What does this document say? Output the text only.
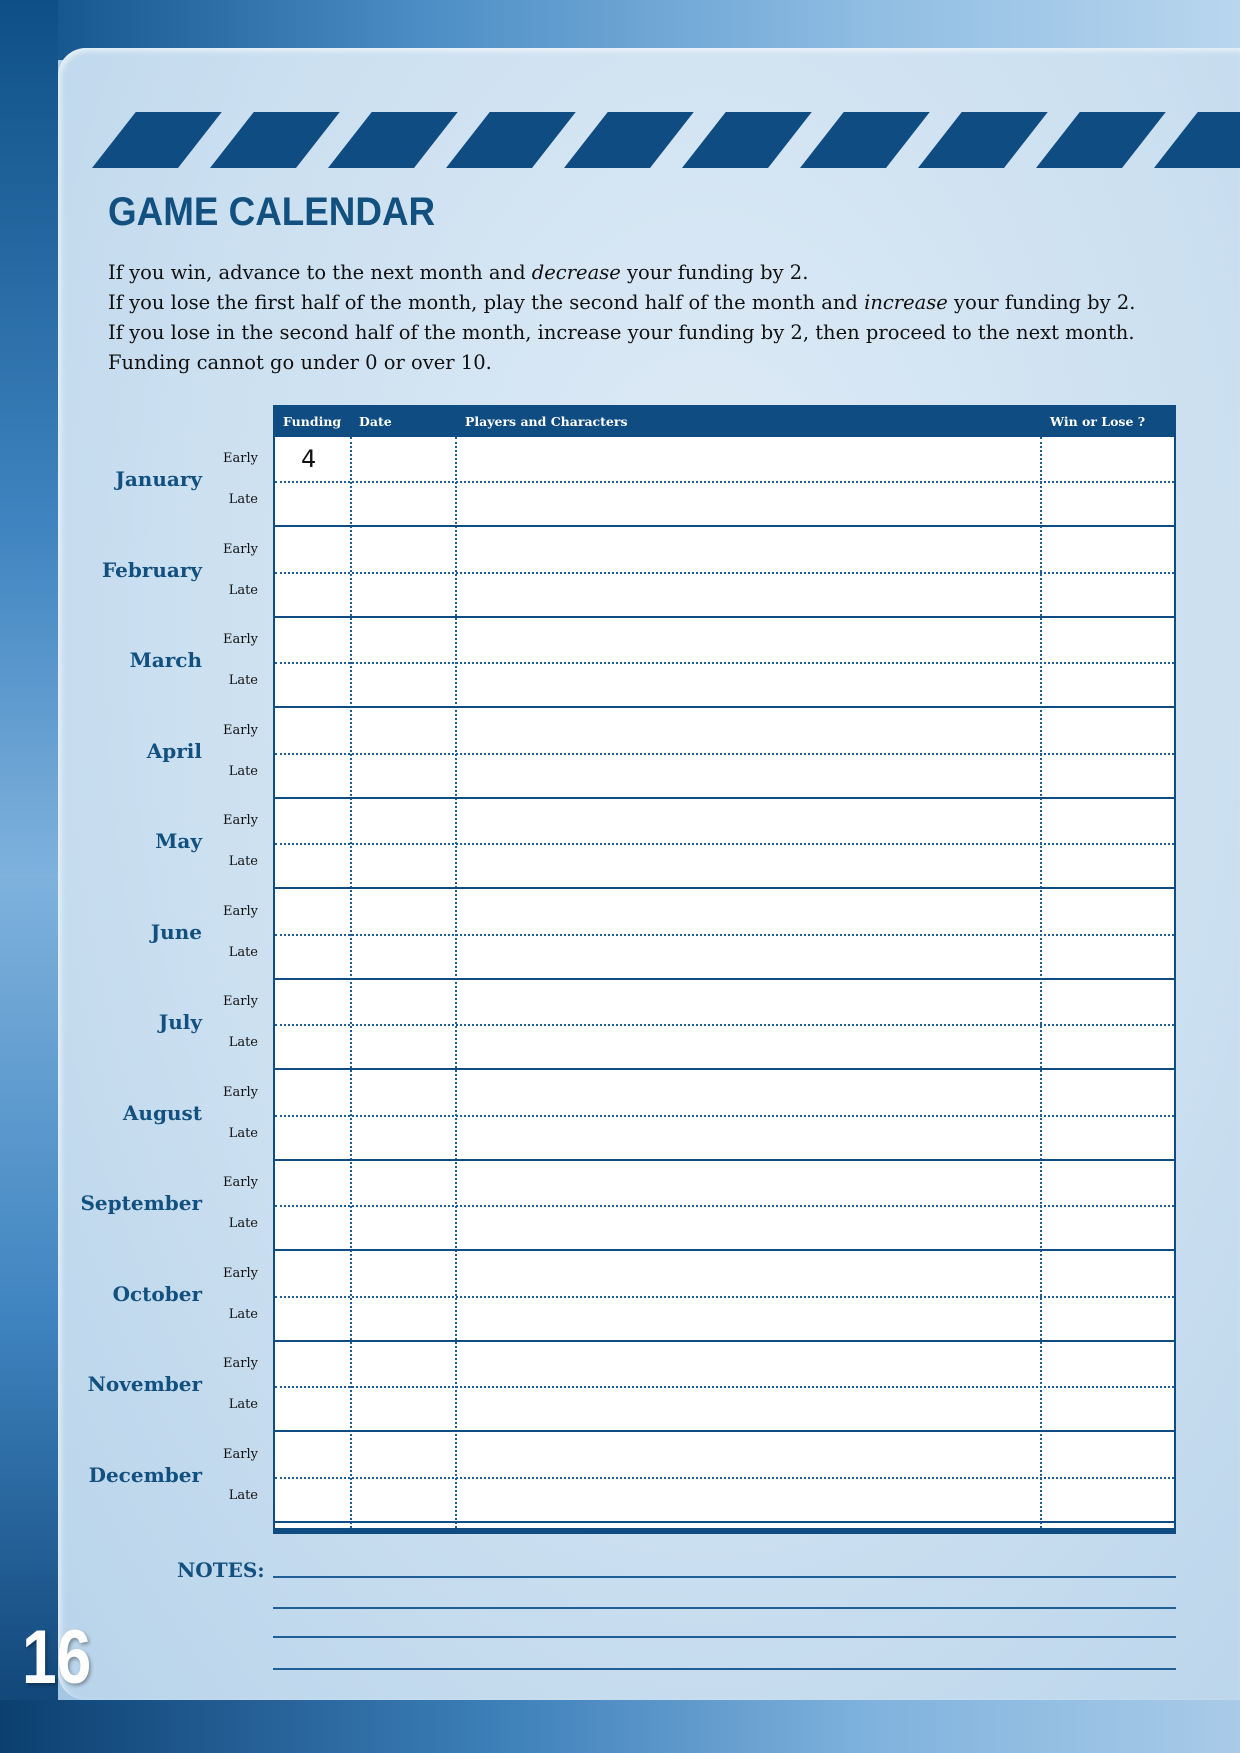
GAME CALENDAR
If you win, advance to the next month and decrease your funding by 2.
If you lose the first half of the month, play the second half of the month and increase your funding by 2.
If you lose in the second half of the month, increase your funding by 2, then proceed to the next month.
Funding cannot go under 0 or over 10.
Funding Date	Players and Characters	Win or Lose ?
4
January
Early
Late
February
Early
Late
March
Early
Late
April
Early
Late
May
Early
Late
June
Early
Late
July
Early
Late
August
Early
Late
September
Early
Late
October
Early
Late
November
Early
Late
December
Early
Late
NOTES:
16
